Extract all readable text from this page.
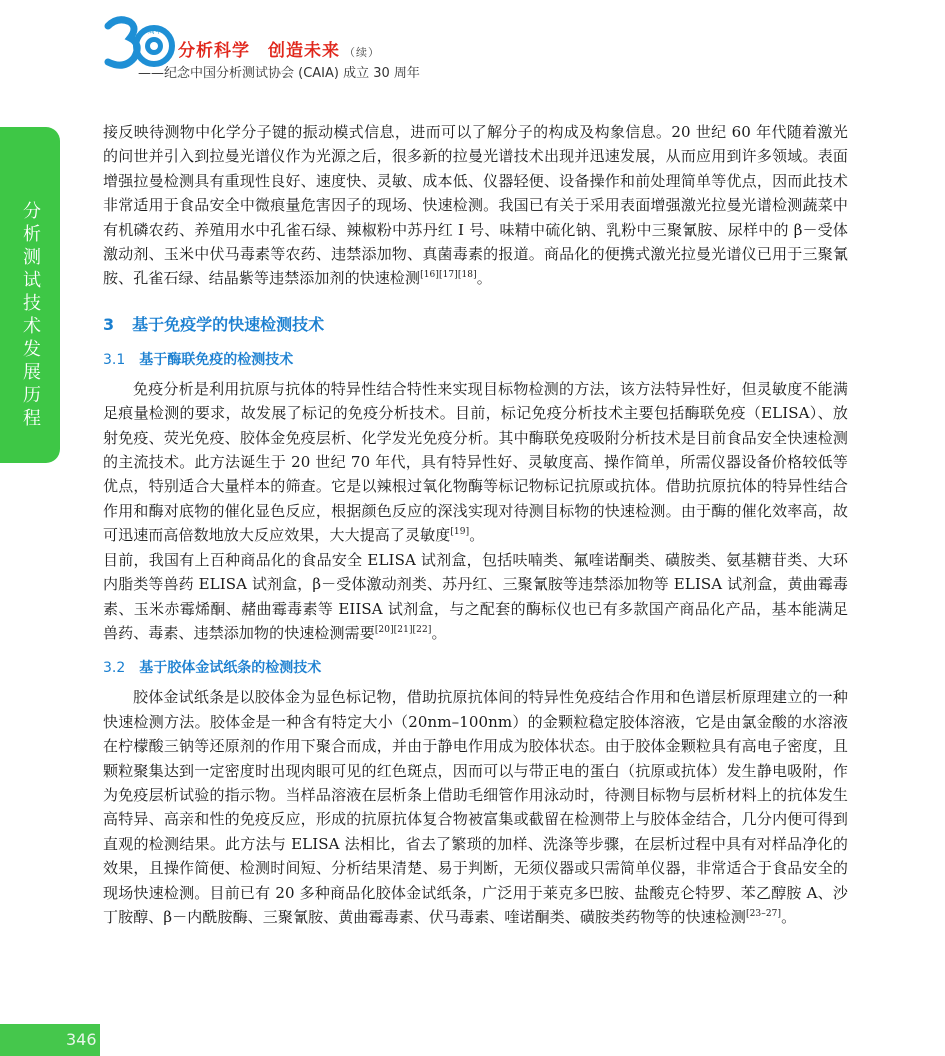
周年
分析科学　创造未来 （续）
——纪念中国分析测试协会 (CAIA) 成立 30 周年
分析测试技术发展历程

接反映待测物中化学分子键的振动模式信息，进而可以了解分子的构成及构象信息。20 世纪 60 年代随着激光的问世并引入到拉曼光谱仪作为光源之后，很多新的拉曼光谱技术出现并迅速发展，从而应用到许多领域。表面增强拉曼检测具有重现性良好、速度快、灵敏、成本低、仪器轻便、设备操作和前处理简单等优点，因而此技术非常适用于食品安全中微痕量危害因子的现场、快速检测。我国已有关于采用表面增强激光拉曼光谱检测蔬菜中有机磷农药、养殖用水中孔雀石绿、辣椒粉中苏丹红 Ⅰ 号、味精中硫化钠、乳粉中三聚氰胺、尿样中的 β－受体激动剂、玉米中伏马毒素等农药、违禁添加物、真菌毒素的报道。商品化的便携式激光拉曼光谱仪已用于三聚氰胺、孔雀石绿、结晶紫等违禁添加剂的快速检测[16][17][18]。

3 基于免疫学的快速检测技术
3.1 基于酶联免疫的检测技术

免疫分析是利用抗原与抗体的特异性结合特性来实现目标物检测的方法，该方法特异性好，但灵敏度不能满足痕量检测的要求，故发展了标记的免疫分析技术。目前，标记免疫分析技术主要包括酶联免疫（ELISA）、放射免疫、荧光免疫、胶体金免疫层析、化学发光免疫分析。其中酶联免疫吸附分析技术是目前食品安全快速检测的主流技术。此方法诞生于 20 世纪 70 年代，具有特异性好、灵敏度高、操作简单，所需仪器设备价格较低等优点，特别适合大量样本的筛查。它是以辣根过氧化物酶等标记物标记抗原或抗体。借助抗原抗体的特异性结合作用和酶对底物的催化显色反应，根据颜色反应的深浅实现对待测目标物的快速检测。由于酶的催化效率高，故可迅速而高倍数地放大反应效果，大大提高了灵敏度[19]。

目前，我国有上百种商品化的食品安全 ELISA 试剂盒，包括呋喃类、氟喹诺酮类、磺胺类、氨基糖苷类、大环内脂类等兽药 ELISA 试剂盒，β－受体激动剂类、苏丹红、三聚氰胺等违禁添加物等 ELISA 试剂盒，黄曲霉毒素、玉米赤霉烯酮、赭曲霉毒素等 EIISA 试剂盒，与之配套的酶标仪也已有多款国产商品化产品，基本能满足兽药、毒素、违禁添加物的快速检测需要[20][21][22]。

3.2 基于胶体金试纸条的检测技术

胶体金试纸条是以胶体金为显色标记物，借助抗原抗体间的特异性免疫结合作用和色谱层析原理建立的一种快速检测方法。胶体金是一种含有特定大小（20nm–100nm）的金颗粒稳定胶体溶液，它是由氯金酸的水溶液在柠檬酸三钠等还原剂的作用下聚合而成，并由于静电作用成为胶体状态。由于胶体金颗粒具有高电子密度，且颗粒聚集达到一定密度时出现肉眼可见的红色斑点，因而可以与带正电的蛋白（抗原或抗体）发生静电吸附，作为免疫层析试验的指示物。当样品溶液在层析条上借助毛细管作用泳动时，待测目标物与层析材料上的抗体发生高特异、高亲和性的免疫反应，形成的抗原抗体复合物被富集或截留在检测带上与胶体金结合，几分内便可得到直观的检测结果。此方法与 ELISA 法相比，省去了繁琐的加样、洗涤等步骤，在层析过程中具有对样品净化的效果，且操作简便、检测时间短、分析结果清楚、易于判断，无须仪器或只需简单仪器，非常适合于食品安全的现场快速检测。目前已有 20 多种商品化胶体金试纸条，广泛用于莱克多巴胺、盐酸克仑特罗、苯乙醇胺 A、沙丁胺醇、β－内酰胺酶、三聚氰胺、黄曲霉毒素、伏马毒素、喹诺酮类、磺胺类药物等的快速检测[23–27]。

346
